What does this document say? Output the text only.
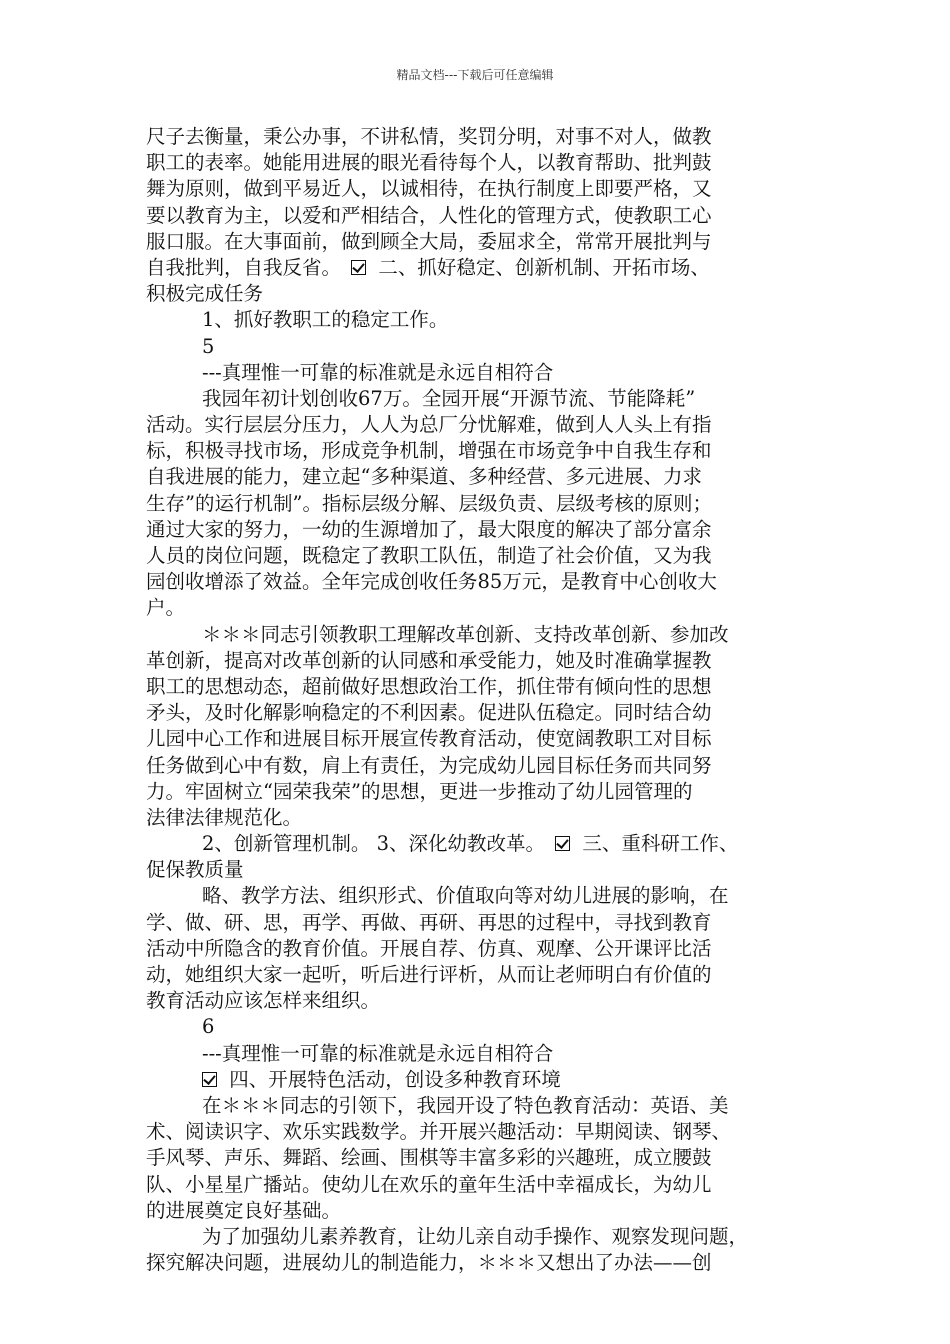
精品文档---下载后可任意编辑
尺子去衡量，秉公办事，不讲私情，奖罚分明，对事不对人，做教
职工的表率。她能用进展的眼光看待每个人，以教育帮助、批判鼓
舞为原则，做到平易近人，以诚相待，在执行制度上即要严格，又
要以教育为主，以爱和严相结合，人性化的管理方式，使教职工心
服口服。在大事面前，做到顾全大局，委屈求全，常常开展批判与
自我批判，自我反省。 二、抓好稳定、创新机制、开拓市场、
积极完成任务
1、抓好教职工的稳定工作。
5
---真理惟一可靠的标准就是永远自相符合
我园年初计划创收67万。全园开展“开源节流、节能降耗”
活动。实行层层分压力，人人为总厂分忧解难，做到人人头上有指
标，积极寻找市场，形成竞争机制，增强在市场竞争中自我生存和
自我进展的能力，建立起“多种渠道、多种经营、多元进展、力求
生存”的运行机制”。指标层级分解、层级负责、层级考核的原则；
通过大家的努力，一幼的生源增加了，最大限度的解决了部分富余
人员的岗位问题，既稳定了教职工队伍，制造了社会价值，又为我
园创收增添了效益。全年完成创收任务85万元，是教育中心创收大
户。
＊＊＊同志引领教职工理解改革创新、支持改革创新、参加改
革创新，提高对改革创新的认同感和承受能力，她及时准确掌握教
职工的思想动态，超前做好思想政治工作，抓住带有倾向性的思想
矛头，及时化解影响稳定的不利因素。促进队伍稳定。同时结合幼
儿园中心工作和进展目标开展宣传教育活动，使宽阔教职工对目标
任务做到心中有数，肩上有责任，为完成幼儿园目标任务而共同努
力。牢固树立“园荣我荣”的思想，更进一步推动了幼儿园管理的
法律法律规范化。
2、创新管理机制。 3、深化幼教改革。 三、重科研工作、
促保教质量
略、教学方法、组织形式、价值取向等对幼儿进展的影响，在
学、做、研、思，再学、再做、再研、再思的过程中，寻找到教育
活动中所隐含的教育价值。开展自荐、仿真、观摩、公开课评比活
动，她组织大家一起听，听后进行评析，从而让老师明白有价值的
教育活动应该怎样来组织。
6
---真理惟一可靠的标准就是永远自相符合
四、开展特色活动，创设多种教育环境
在＊＊＊同志的引领下，我园开设了特色教育活动：英语、美
术、阅读识字、欢乐实践数学。并开展兴趣活动：早期阅读、钢琴、
手风琴、声乐、舞蹈、绘画、围棋等丰富多彩的兴趣班，成立腰鼓
队、小星星广播站。使幼儿在欢乐的童年生活中幸福成长，为幼儿
的进展奠定良好基础。
为了加强幼儿素养教育，让幼儿亲自动手操作、观察发现问题，
探究解决问题，进展幼儿的制造能力，＊＊＊又想出了办法——创
